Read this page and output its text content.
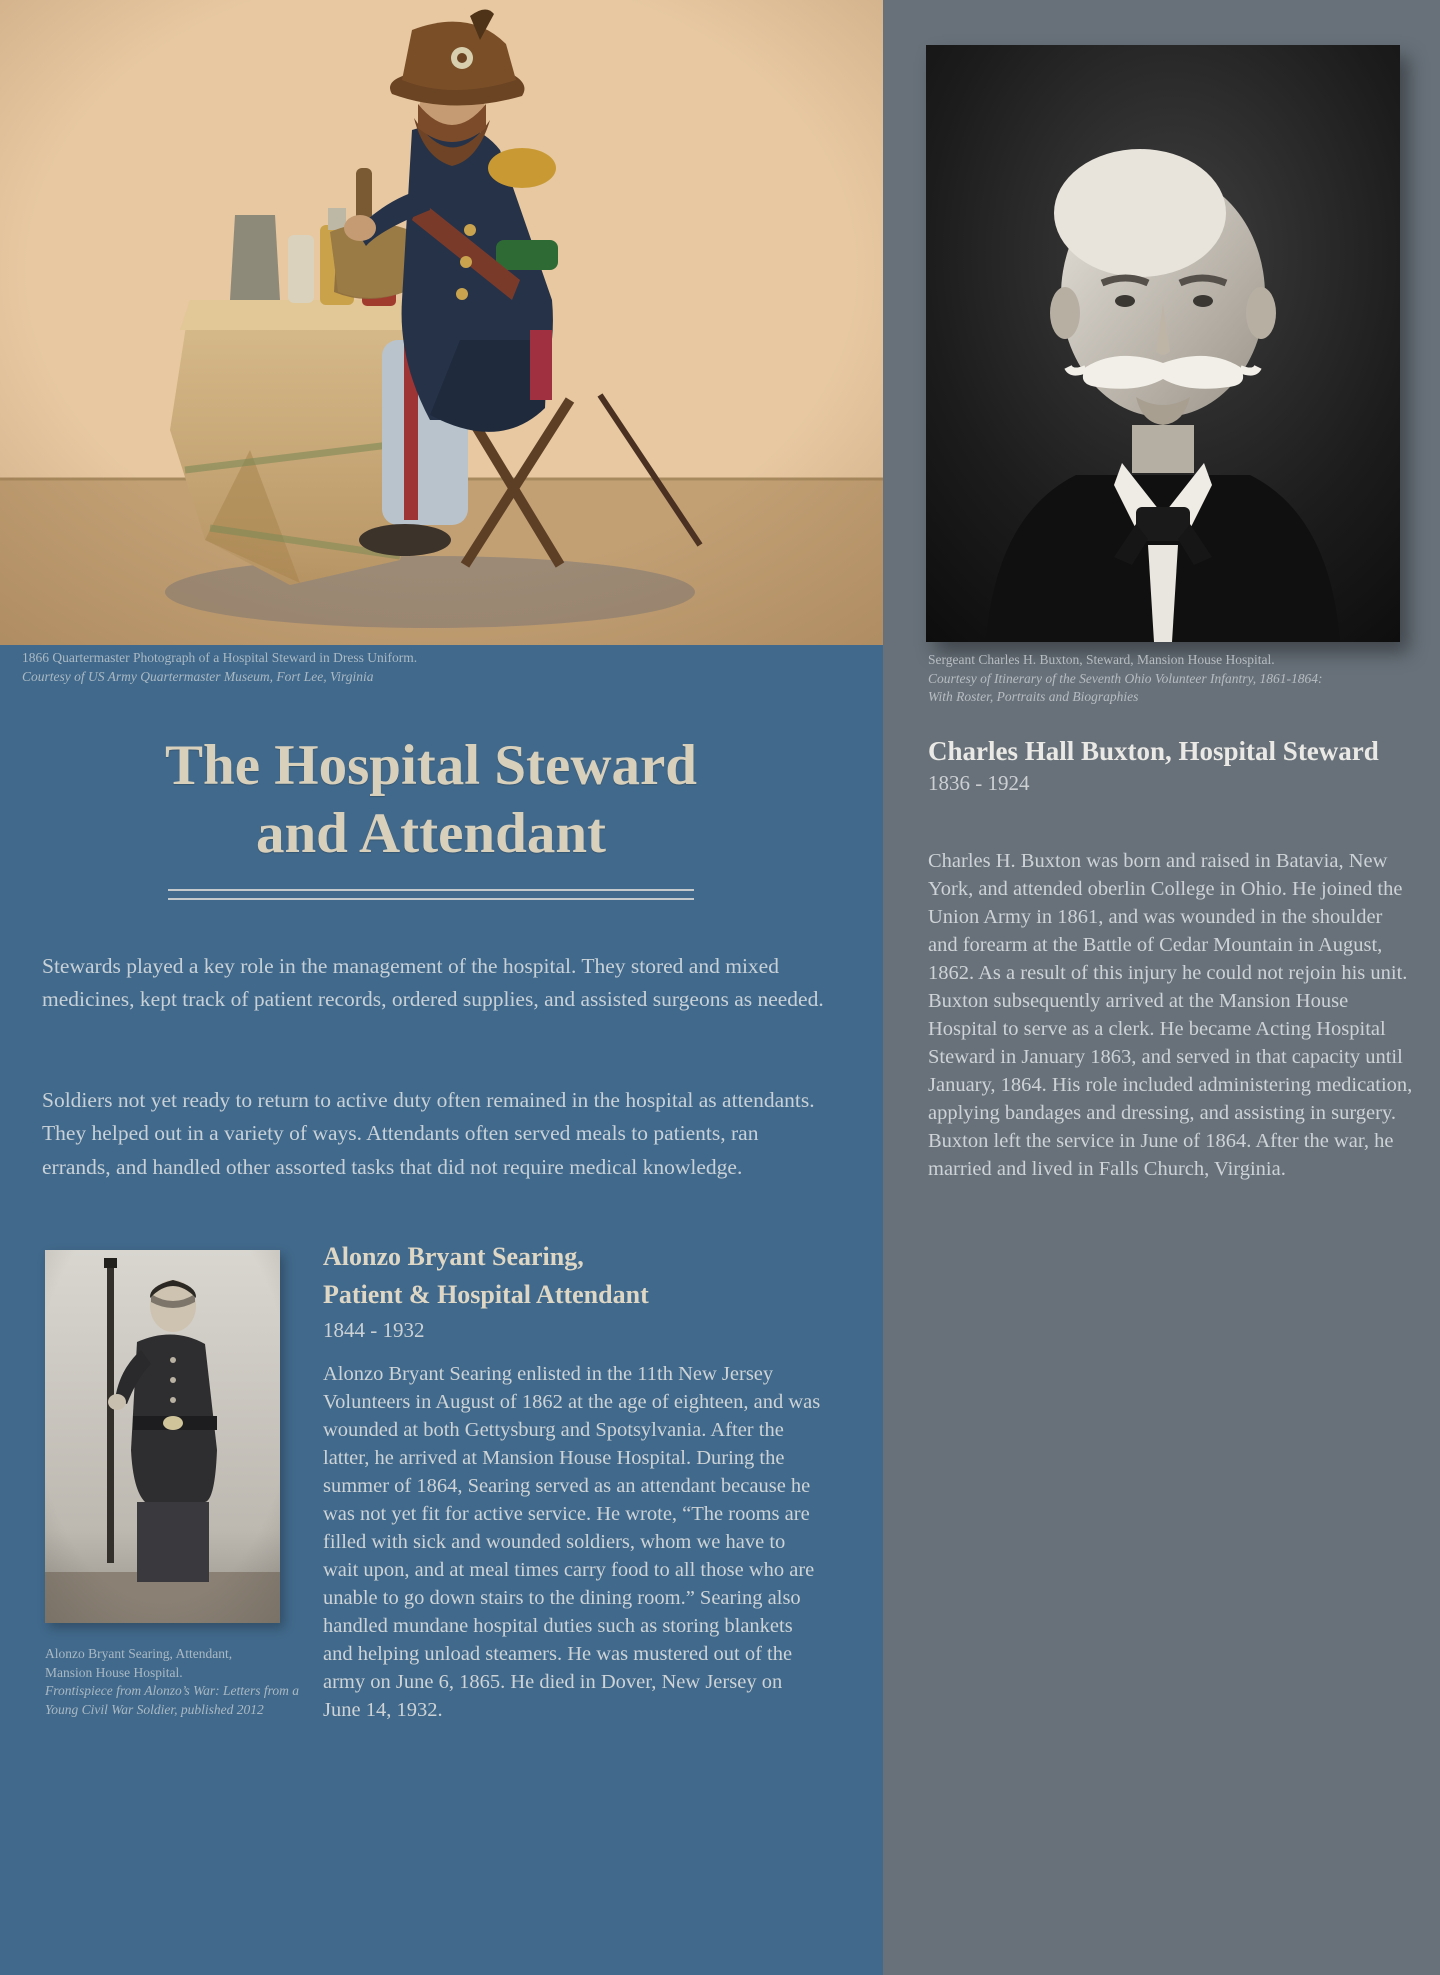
1866 Quartermaster Photograph of a Hospital Steward in Dress Uniform.
Courtesy of US Army Quartermaster Museum, Fort Lee, Virginia
The Hospital Steward
and Attendant

Stewards played a key role in the management of the hospital. They stored and mixed medicines, kept track of patient records, ordered supplies, and assisted surgeons as needed.

Soldiers not yet ready to return to active duty often remained in the hospital as attendants. They helped out in a variety of ways. Attendants often served meals to patients, ran errands, and handled other assorted tasks that did not require medical knowledge.

Alonzo Bryant Searing, Attendant,
Mansion House Hospital.
Frontispiece from Alonzo’s War: Letters from a
Young Civil War Soldier, published 2012
Alonzo Bryant Searing,
Patient & Hospital Attendant
1844 - 1932

Alonzo Bryant Searing enlisted in the 11th New Jersey Volunteers in August of 1862 at the age of eighteen, and was wounded at both Gettysburg and Spotsylvania. After the latter, he arrived at Mansion House Hospital. During the summer of 1864, Searing served as an attendant because he was not yet fit for active service. He wrote, “The rooms are filled with sick and wounded soldiers, whom we have to wait upon, and at meal times carry food to all those who are unable to go down stairs to the dining room.” Searing also handled mundane hospital duties such as storing blankets and helping unload steamers. He was mustered out of the army on June 6, 1865. He died in Dover, New Jersey on June 14, 1932.

Sergeant Charles H. Buxton, Steward, Mansion House Hospital.
Courtesy of Itinerary of the Seventh Ohio Volunteer Infantry, 1861-1864:
With Roster, Portraits and Biographies
Charles Hall Buxton, Hospital Steward
1836 - 1924

Charles H. Buxton was born and raised in Batavia, New York, and attended oberlin College in Ohio. He joined the Union Army in 1861, and was wounded in the shoulder and forearm at the Battle of Cedar Mountain in August, 1862. As a result of this injury he could not rejoin his unit. Buxton subsequently arrived at the Mansion House Hospital to serve as a clerk. He became Acting Hospital Steward in January 1863, and served in that capacity until January, 1864. His role included administering medication, applying bandages and dressing, and assisting in surgery. Buxton left the service in June of 1864. After the war, he married and lived in Falls Church, Virginia.
